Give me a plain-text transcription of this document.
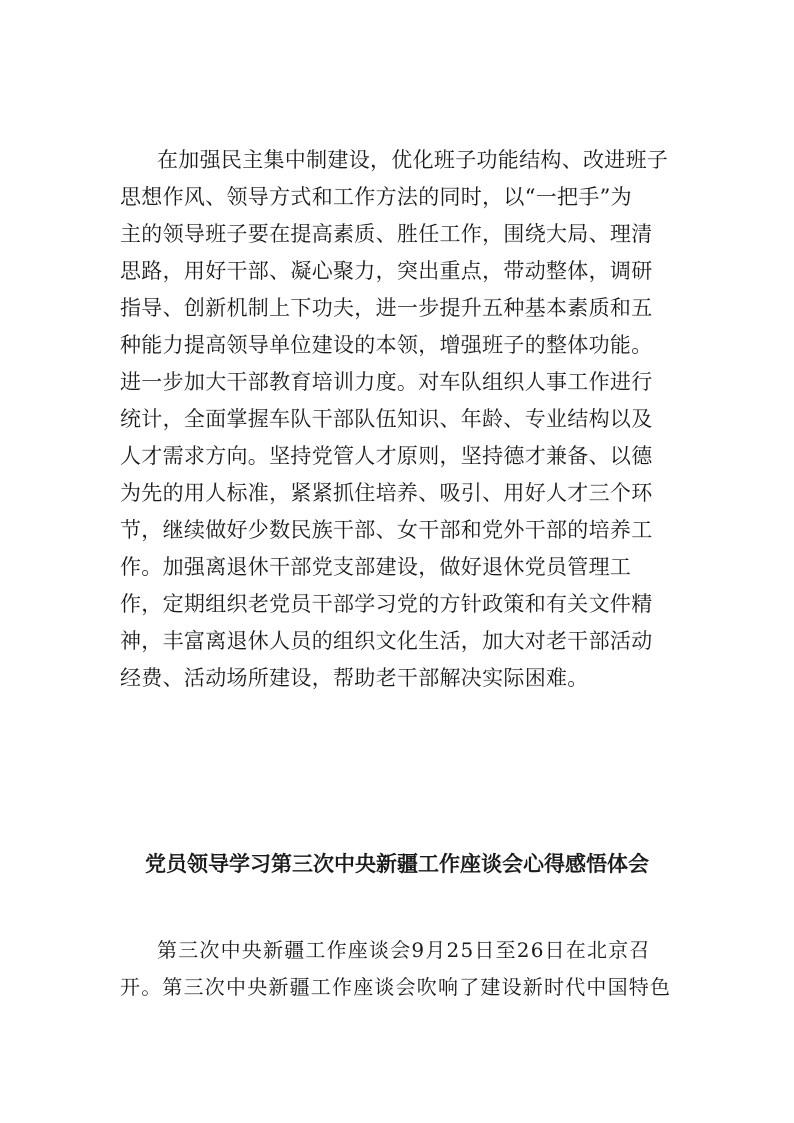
在加强民主集中制建设，优化班子功能结构、改进班子
思想作风、领导方式和工作方法的同时，以“一把手”为
主的领导班子要在提高素质、胜任工作，围绕大局、理清
思路，用好干部、凝心聚力，突出重点，带动整体，调研
指导、创新机制上下功夫，进一步提升五种基本素质和五
种能力提高领导单位建设的本领，增强班子的整体功能。
进一步加大干部教育培训力度。对车队组织人事工作进行
统计，全面掌握车队干部队伍知识、年龄、专业结构以及
人才需求方向。坚持党管人才原则，坚持德才兼备、以德
为先的用人标准，紧紧抓住培养、吸引、用好人才三个环
节，继续做好少数民族干部、女干部和党外干部的培养工
作。加强离退休干部党支部建设，做好退休党员管理工
作，定期组织老党员干部学习党的方针政策和有关文件精
神，丰富离退休人员的组织文化生活，加大对老干部活动
经费、活动场所建设，帮助老干部解决实际困难。
党员领导学习第三次中央新疆工作座谈会心得感悟体会
第三次中央新疆工作座谈会9月25日至26日在北京召
开。第三次中央新疆工作座谈会吹响了建设新时代中国特色
